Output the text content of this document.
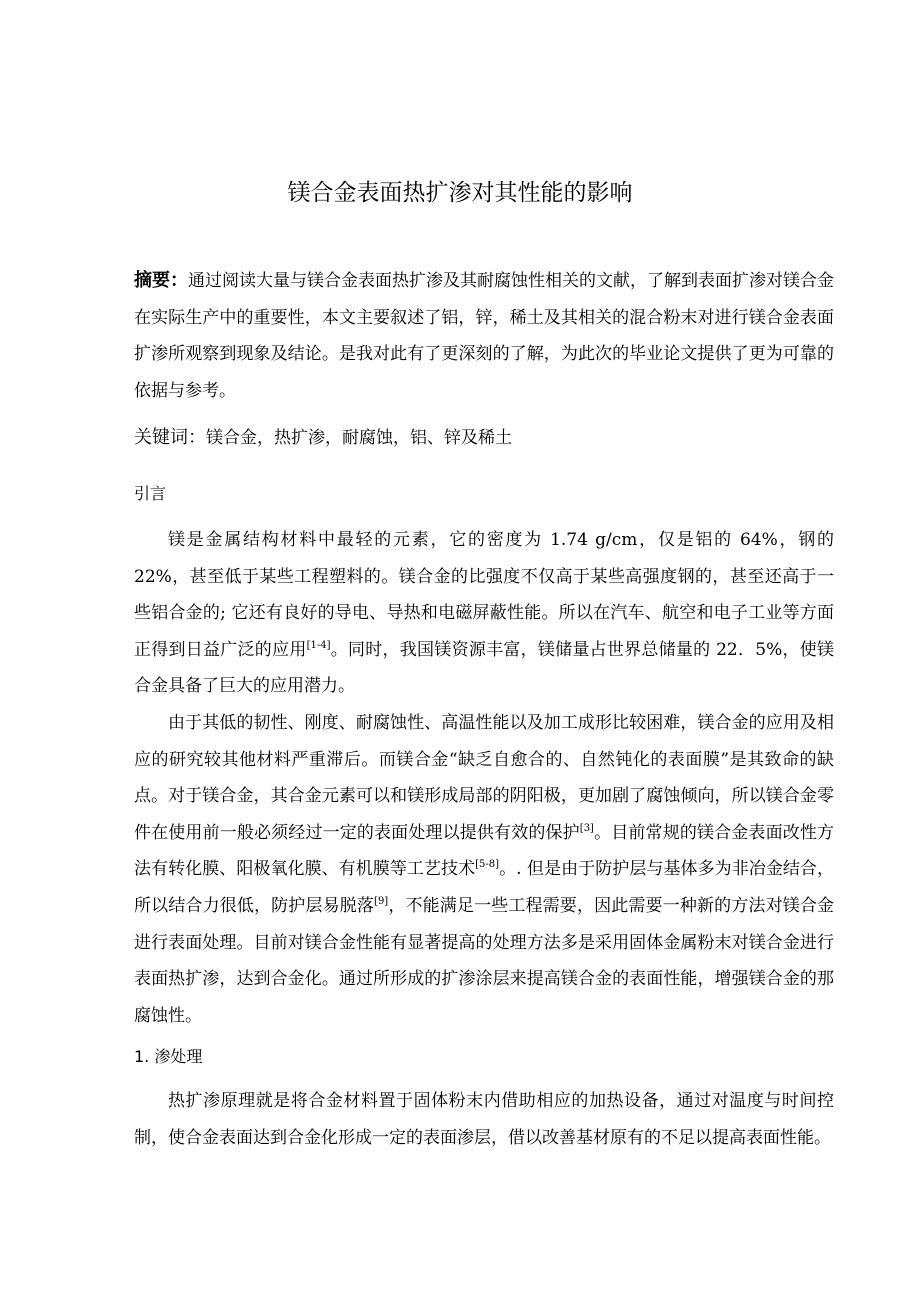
镁合金表面热扩渗对其性能的影响
摘要：通过阅读大量与镁合金表面热扩渗及其耐腐蚀性相关的文献，了解到表面扩渗对镁合金在实际生产中的重要性，本文主要叙述了铝，锌，稀土及其相关的混合粉末对进行镁合金表面扩渗所观察到现象及结论。是我对此有了更深刻的了解，为此次的毕业论文提供了更为可靠的依据与参考。
关键词：镁合金，热扩渗，耐腐蚀，铝、锌及稀土
引言
镁是金属结构材料中最轻的元素，它的密度为 1.74 g/cm，仅是铝的 64%，钢的 22%，甚至低于某些工程塑料的。镁合金的比强度不仅高于某些高强度钢的，甚至还高于一些铝合金的; 它还有良好的导电、导热和电磁屏蔽性能。所以在汽车、航空和电子工业等方面正得到日益广泛的应用[1-4]。同时，我国镁资源丰富，镁储量占世界总储量的 22．5%，使镁合金具备了巨大的应用潜力。
由于其低的韧性、刚度、耐腐蚀性、高温性能以及加工成形比较困难，镁合金的应用及相应的研究较其他材料严重滞后。而镁合金“缺乏自愈合的、自然钝化的表面膜”是其致命的缺点。对于镁合金，其合金元素可以和镁形成局部的阴阳极，更加剧了腐蚀倾向，所以镁合金零件在使用前一般必须经过一定的表面处理以提供有效的保护[3]。目前常规的镁合金表面改性方法有转化膜、阳极氧化膜、有机膜等工艺技术[5-8]。. 但是由于防护层与基体多为非冶金结合，所以结合力很低，防护层易脱落[9]，不能满足一些工程需要，因此需要一种新的方法对镁合金进行表面处理。目前对镁合金性能有显著提高的处理方法多是采用固体金属粉末对镁合金进行表面热扩渗，达到合金化。通过所形成的扩渗涂层来提高镁合金的表面性能，增强镁合金的那腐蚀性。
1. 渗处理
热扩渗原理就是将合金材料置于固体粉末内借助相应的加热设备，通过对温度与时间控制，使合金表面达到合金化形成一定的表面渗层，借以改善基材原有的不足以提高表面性能。
